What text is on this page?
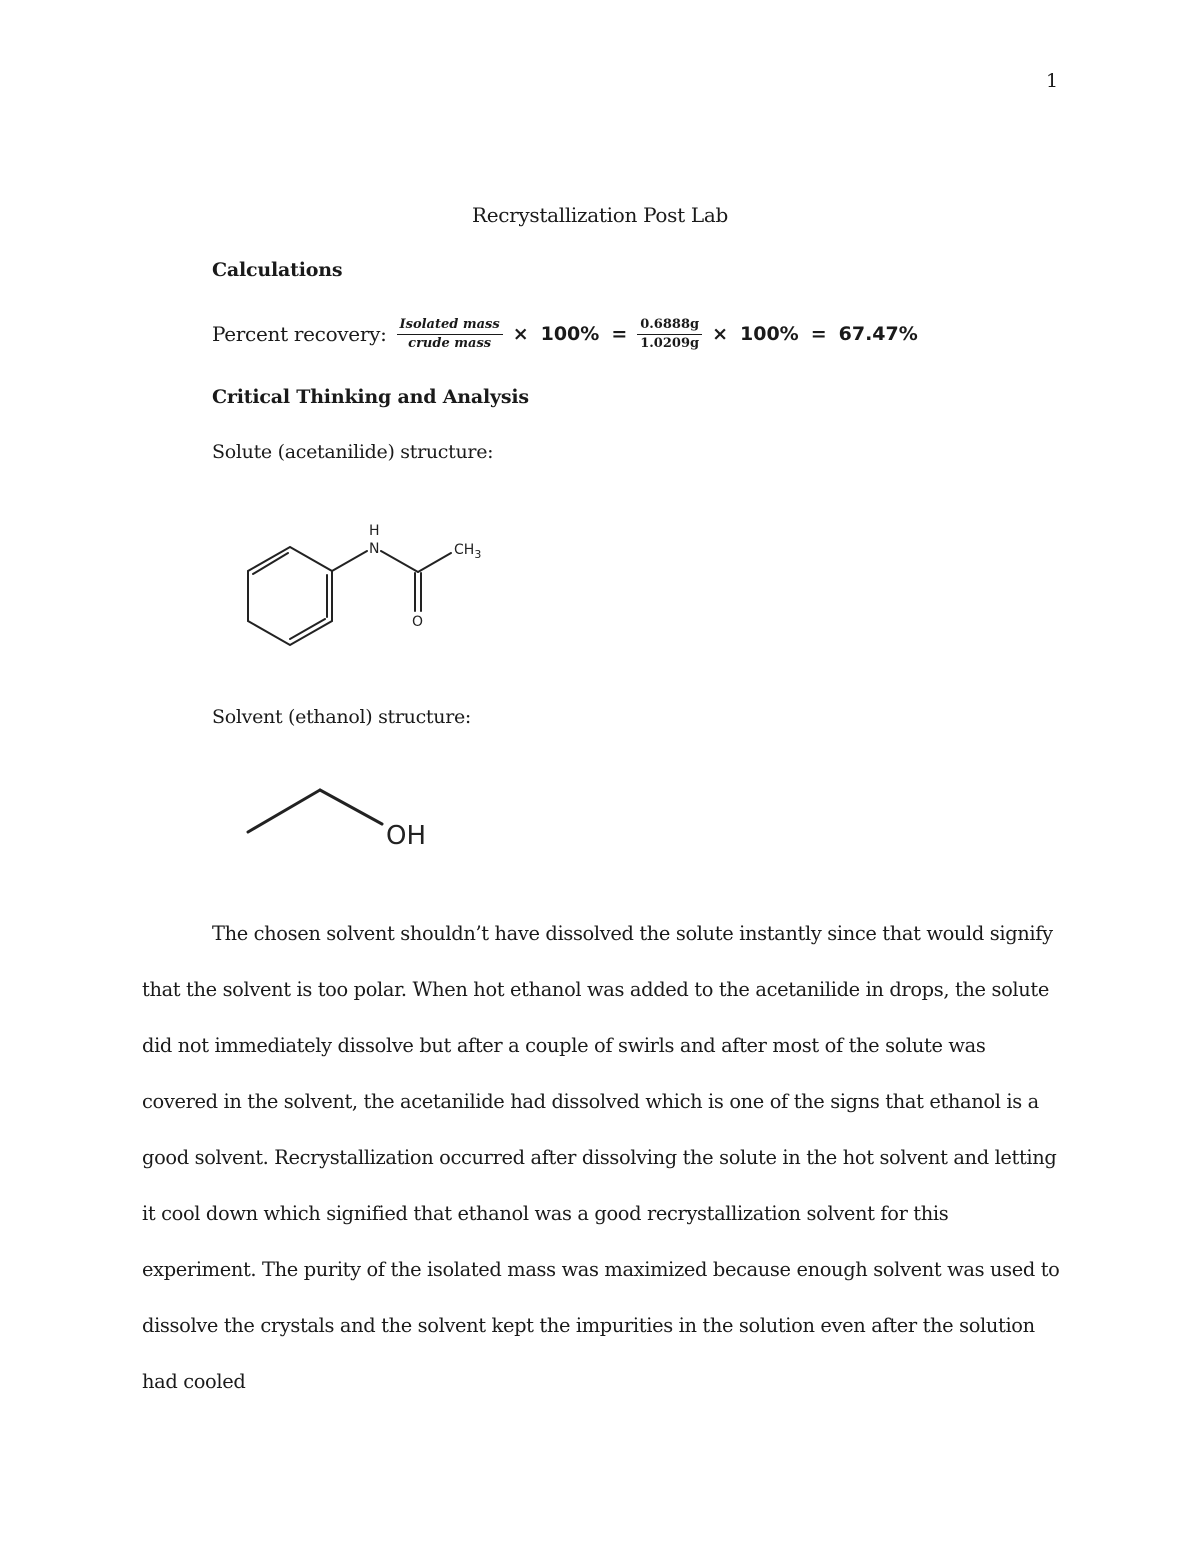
1
Recrystallization Post Lab
Calculations
Percent recovery: $\frac{\text{Isolated mass}}{\text{crude mass}} \times 100\% = \frac{0.6888g}{1.0209g} \times 100\% = 67.47\%$
Critical Thinking and Analysis
Solute (acetanilide) structure:
H
N	$CH_3$
O
Solvent (ethanol) structure:
OH

The chosen solvent shouldn’t have dissolved the solute instantly since that would signify that the solvent is too polar. When hot ethanol was added to the acetanilide in drops, the solute did not immediately dissolve but after a couple of swirls and after most of the solute was covered in the solvent, the acetanilide had dissolved which is one of the signs that ethanol is a good solvent. Recrystallization occurred after dissolving the solute in the hot solvent and letting it cool down which signified that ethanol was a good recrystallization solvent for this experiment. The purity of the isolated mass was maximized because enough solvent was used to dissolve the crystals and the solvent kept the impurities in the solution even after the solution had cooled
